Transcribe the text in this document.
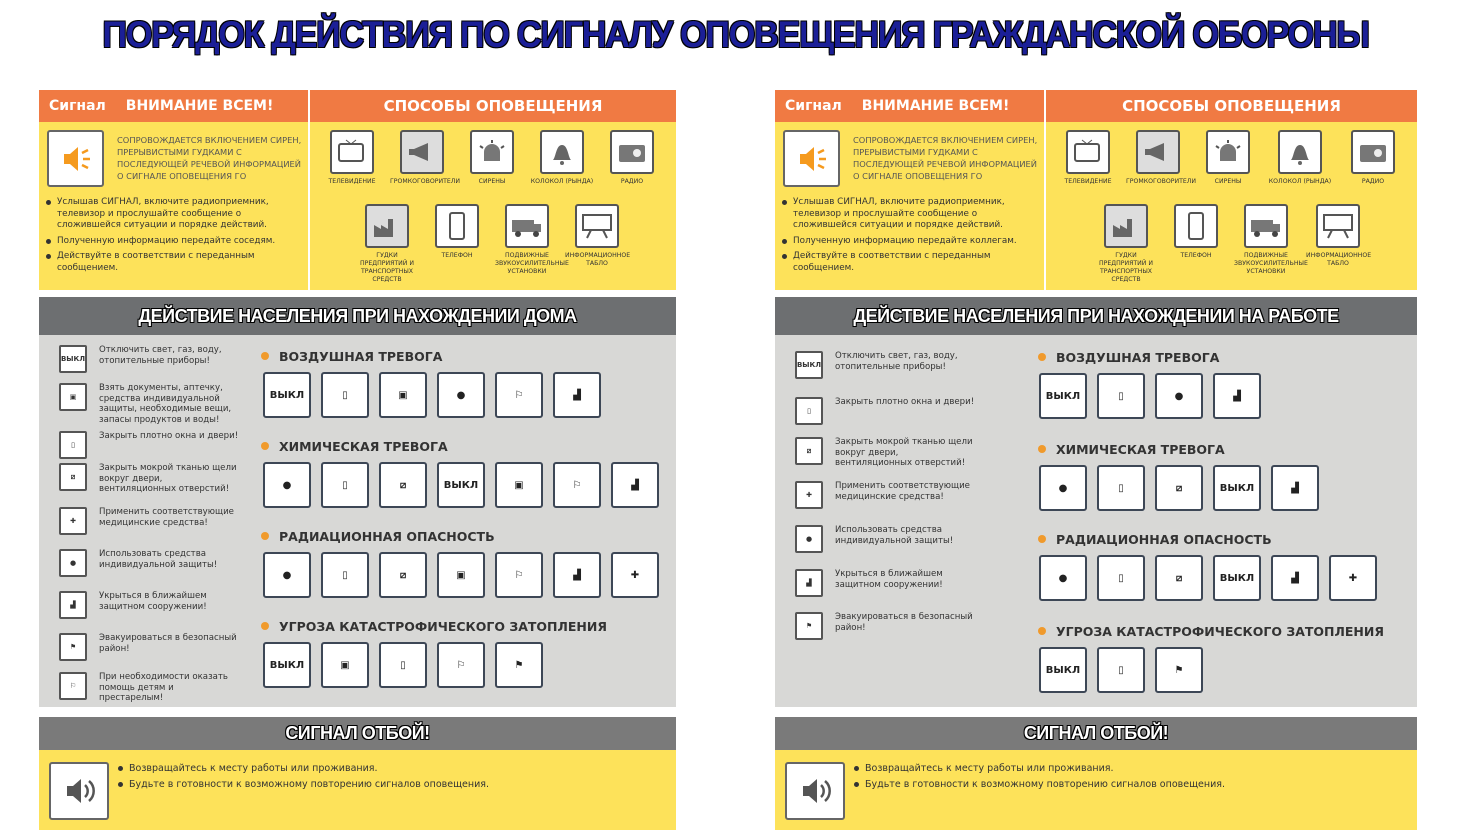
ПОРЯДОК ДЕЙСТВИЯ ПО СИГНАЛУ ОПОВЕЩЕНИЯ ГРАЖДАНСКОЙ ОБОРОНЫ
Сигнал ВНИМАНИЕ ВСЕМ!
СОПРОВОЖДАЕТСЯ ВКЛЮЧЕНИЕМ СИРЕН, ПРЕРЫВИСТЫМИ ГУДКАМИ С ПОСЛЕДУЮЩЕЙ РЕЧЕВОЙ ИНФОРМАЦИЕЙ О СИГНАЛЕ ОПОВЕЩЕНИЯ ГО
Услышав СИГНАЛ, включите радиоприемник, телевизор и прослушайте сообщение о сложившейся ситуации и порядке действий.
Полученную информацию передайте соседям.
Действуйте в соответствии с переданным сообщением.
СПОСОБЫ ОПОВЕЩЕНИЯ
ТЕЛЕВИДЕНИЕ	ГРОМКОГОВОРИТЕЛИ	СИРЕНЫ	КОЛОКОЛ (РЫНДА)	РАДИО
ГУДКИ ПРЕДПРИЯТИЙ И ТРАНСПОРТНЫХ СРЕДСТВ
ТЕЛЕФОН	ПОДВИЖНЫЕ ЗВУКОУСИЛИТЕЛЬНЫЕ УСТАНОВКИ
ИНФОРМАЦИОННОЕ ТАБЛО
ДЕЙСТВИЕ НАСЕЛЕНИЯ ПРИ НАХОЖДЕНИИ ДОМА
ВЫКЛ
Отключить свет, газ, воду, отопительные приборы!
▣
Взять документы, аптечку, средства индивидуальной защиты, необходимые вещи, запасы продуктов и воды!
▯
Закрыть плотно окна и двери!
⧄
Закрыть мокрой тканью щели вокруг двери, вентиляционных отверстий!
✚
Применить соответствующие медицинские средства!
●
Использовать средства индивидуальной защиты!
▟
Укрыться в ближайшем защитном сооружении!
⚑
Эвакуироваться в безопасный район!
⚐
При необходимости оказать помощь детям и престарелым!
ВОЗДУШНАЯ ТРЕВОГА
ВЫКЛ	▯	▣	●	⚐	▟
ХИМИЧЕСКАЯ ТРЕВОГА
●	▯	⧄	ВЫКЛ	▣	⚐	▟
РАДИАЦИОННАЯ ОПАСНОСТЬ
●	▯	⧄	▣	⚐	▟	✚
УГРОЗА КАТАСТРОФИЧЕСКОГО ЗАТОПЛЕНИЯ
ВЫКЛ	▣	▯	⚐	⚑
СИГНАЛ ОТБОЙ!
Возвращайтесь к месту работы или проживания.
Будьте в готовности к возможному повторению сигналов оповещения.
Сигнал ВНИМАНИЕ ВСЕМ!
СОПРОВОЖДАЕТСЯ ВКЛЮЧЕНИЕМ СИРЕН, ПРЕРЫВИСТЫМИ ГУДКАМИ С ПОСЛЕДУЮЩЕЙ РЕЧЕВОЙ ИНФОРМАЦИЕЙ О СИГНАЛЕ ОПОВЕЩЕНИЯ ГО
Услышав СИГНАЛ, включите радиоприемник, телевизор и прослушайте сообщение о сложившейся ситуации и порядке действий.
Полученную информацию передайте коллегам.
Действуйте в соответствии с переданным сообщением.
СПОСОБЫ ОПОВЕЩЕНИЯ
ТЕЛЕВИДЕНИЕ	ГРОМКОГОВОРИТЕЛИ	СИРЕНЫ	КОЛОКОЛ (РЫНДА)	РАДИО
ГУДКИ ПРЕДПРИЯТИЙ И ТРАНСПОРТНЫХ СРЕДСТВ
ТЕЛЕФОН	ПОДВИЖНЫЕ ЗВУКОУСИЛИТЕЛЬНЫЕ УСТАНОВКИ
ИНФОРМАЦИОННОЕ ТАБЛО
ДЕЙСТВИЕ НАСЕЛЕНИЯ ПРИ НАХОЖДЕНИИ НА РАБОТЕ
ВЫКЛ
Отключить свет, газ, воду, отопительные приборы!
▯
Закрыть плотно окна и двери!
⧄
Закрыть мокрой тканью щели вокруг двери, вентиляционных отверстий!
✚
Применить соответствующие медицинские средства!
●
Использовать средства индивидуальной защиты!
▟
Укрыться в ближайшем защитном сооружении!
⚑
Эвакуироваться в безопасный район!
ВОЗДУШНАЯ ТРЕВОГА
ВЫКЛ	▯	●	▟
ХИМИЧЕСКАЯ ТРЕВОГА
●	▯	⧄	ВЫКЛ	▟
РАДИАЦИОННАЯ ОПАСНОСТЬ
●	▯	⧄	ВЫКЛ	▟	✚
УГРОЗА КАТАСТРОФИЧЕСКОГО ЗАТОПЛЕНИЯ
ВЫКЛ	▯	⚑
СИГНАЛ ОТБОЙ!
Возвращайтесь к месту работы или проживания.
Будьте в готовности к возможному повторению сигналов оповещения.
